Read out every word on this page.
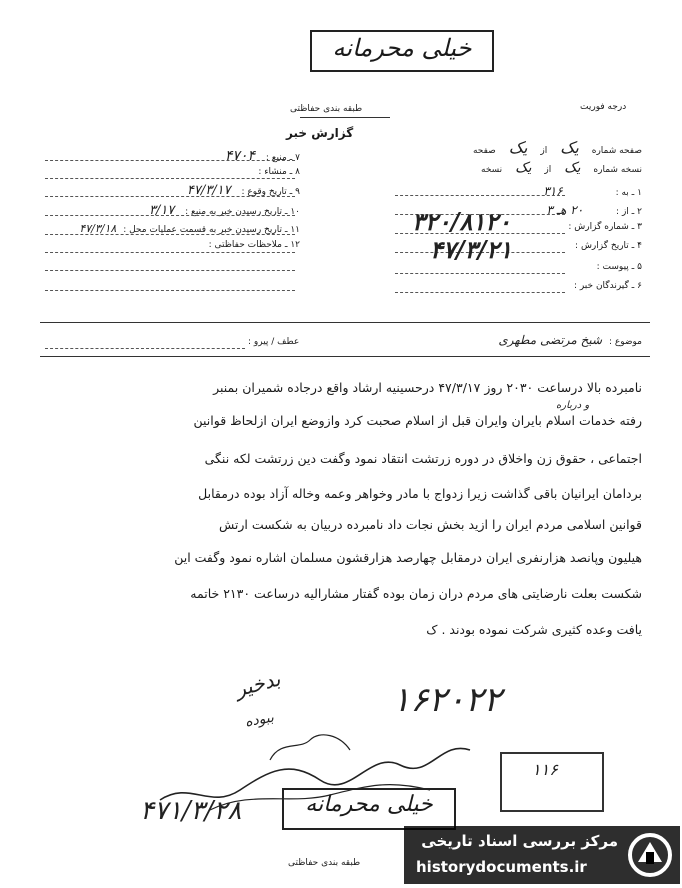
خیلی محرمانه
طبقه بندی حفاظتی	درجه فوریت
گزارش خبر
۷ ـ منبع : ۴۷۰۴
۸ ـ منشاء :
۹ ـ تاریخ وقوع : ۴۷/۳/۱۷
۱۰ ـ تاریخ رسیدن خبر به منبع : ۳/۱۷
۱۱ ـ تاریخ رسیدن خبر به قسمت عملیات محل : ۴۷/۳/۱۸
۱۲ ـ ملاحظات حفاظتی :
صفحه شماره یک از یک صفحه
نسخه شماره یک از یک نسخه
۱ ـ به : ۳۱۶
۲ ـ از : ۲۰ هـ ۳
۳ ـ شماره گزارش :
۴ ـ تاریخ گزارش :
۵ ـ پیوست :
۶ ـ گیرندگان خبر :
۳۲۰/۸۱۲۰
۴۷/۳/۲۱
موضوع :
شیخ مرتضی مطهری
عطف / پیرو :
و درباره
نامبرده بالا درساعت ۲۰۳۰ روز ۴۷/۳/۱۷ درحسینیه ارشاد واقع درجاده شمیران بمنبر
رفته خدمات اسلام بایران وایران قبل از اسلام صحبت کرد وازوضع ایران ازلحاظ قوانین
اجتماعی ، حقوق زن واخلاق در دوره زرتشت انتقاد نمود وگفت دین زرتشت لکه ننگی
بردامان ایرانیان باقی گذاشت زیرا زدواج با مادر وخواهر وعمه وخاله آزاد بوده درمقابل
قوانین اسلامی مردم ایران را ازید بخش نجات داد نامبرده دربیان به شکست ارتش
هیلیون وپانصد هزارنفری ایران درمقابل چهارصد هزارقشون مسلمان اشاره نمود وگفت این
شکست بعلت نارضایتی های مردم دران زمان بوده گفتار مشارالیه درساعت ۲۱۳۰ خاتمه
یافت وعده کثیری شرکت نموده بودند . ک
۱۶۲۰۲۲
بدخیر
ببوده
۴۷۱/۳/۲۸	خیلی محرمانه
۱۱۶
طبقه بندی حفاظتی
مرکز بررسی اسناد تاریخی
historydocuments.ir
